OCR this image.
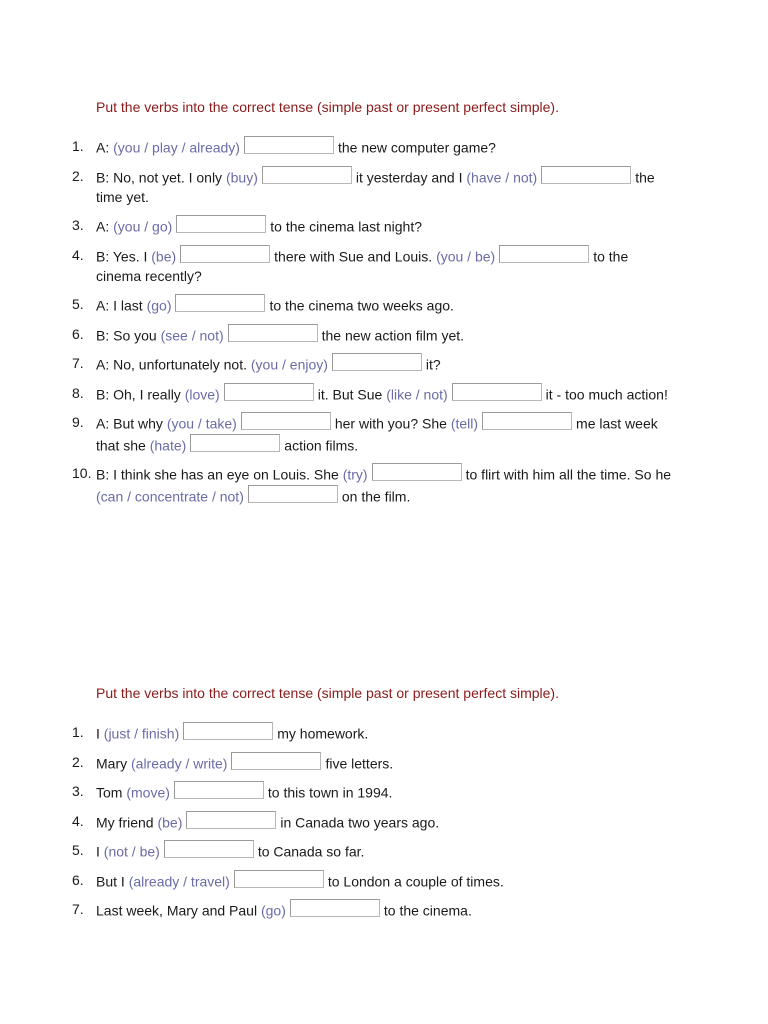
Put the verbs into the correct tense (simple past or present perfect simple).

1. A: (you / play / already)	the new computer game?
2. B: No, not yet. I only (buy)	it yesterday and I (have / not)	the time yet.
3. A: (you / go)	to the cinema last night?
4. B: Yes. I (be)	there with Sue and Louis. (you / be)	to the cinema recently?
5. A: I last (go)	to the cinema two weeks ago.
6. B: So you (see / not)	the new action film yet.
7. A: No, unfortunately not. (you / enjoy)	it?
8. B: Oh, I really (love)	it. But Sue (like / not)	it - too much action!
9. A: But why (you / take)	her with you? She (tell)	me last week that she (hate)	action films.
10. B: I think she has an eye on Louis. She (try)	to flirt with him all the time. So he (can / concentrate / not)	on the film.

Put the verbs into the correct tense (simple past or present perfect simple).

1. I (just / finish)	my homework.
2. Mary (already / write)	five letters.
3. Tom (move)	to this town in 1994.
4. My friend (be)	in Canada two years ago.
5. I (not / be)	to Canada so far.
6. But I (already / travel)	to London a couple of times.
7. Last week, Mary and Paul (go)	to the cinema.
